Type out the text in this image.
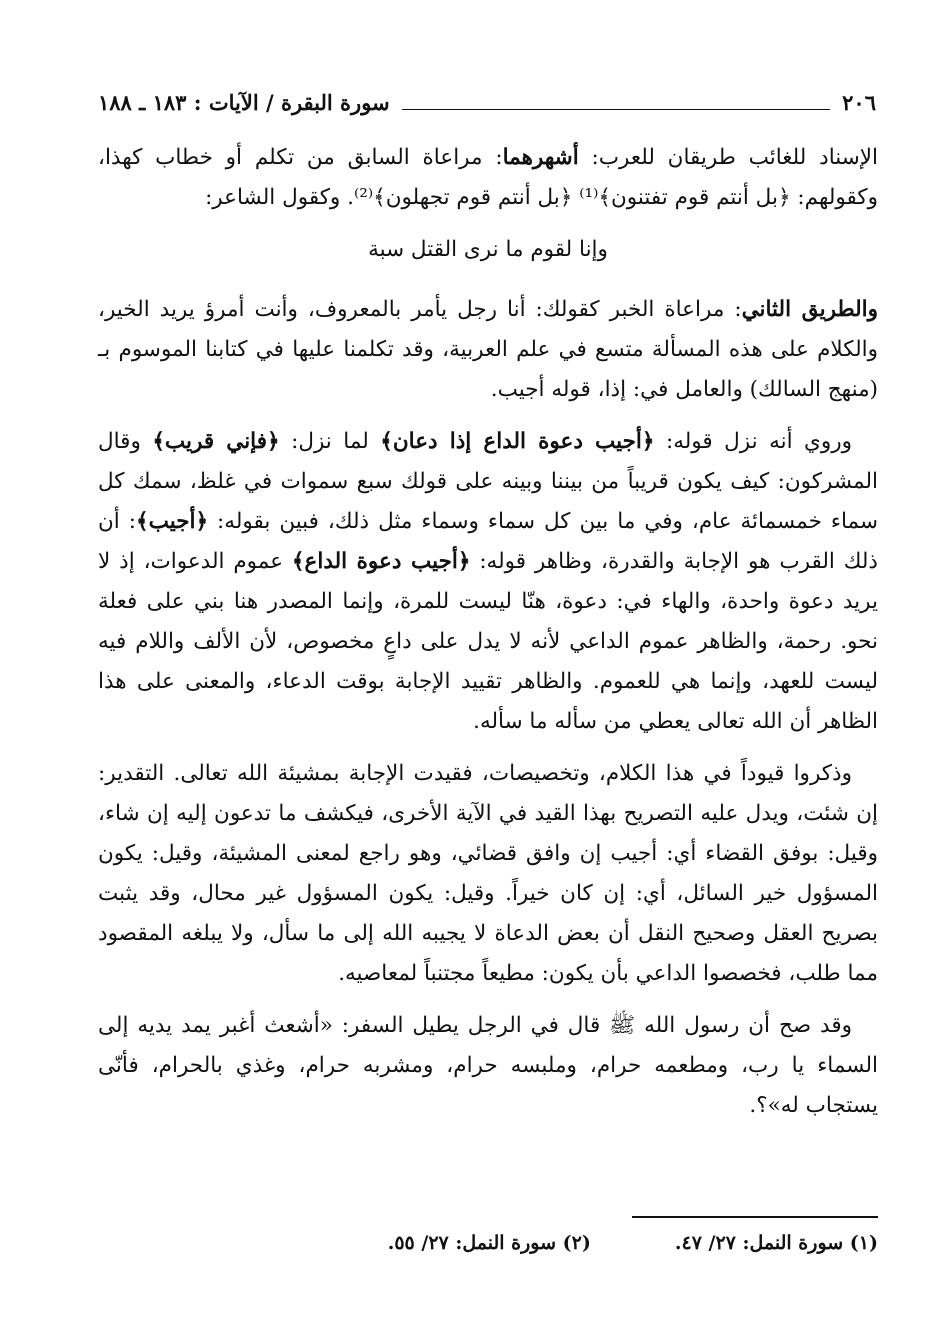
٢٠٦
سورة البقرة / الآيات : ١٨٣ ـ ١٨٨

الإسناد للغائب طريقان للعرب: أشهرهما: مراعاة السابق من تكلم أو خطاب كهذا، وكقولهم: ﴿بل أنتم قوم تفتنون﴾⁽¹⁾ ﴿بل أنتم قوم تجهلون﴾⁽²⁾. وكقول الشاعر:

وإنا لقوم ما نرى القتل سبة

والطريق الثاني: مراعاة الخبر كقولك: أنا رجل يأمر بالمعروف، وأنت أمرؤ يريد الخير، والكلام على هذه المسألة متسع في علم العربية، وقد تكلمنا عليها في كتابنا الموسوم بـ (منهج السالك) والعامل في: إذا، قوله أجيب.

وروي أنه نزل قوله: ﴿أجيب دعوة الداع إذا دعان﴾ لما نزل: ﴿فإني قريب﴾ وقال المشركون: كيف يكون قريباً من بيننا وبينه على قولك سبع سموات في غلظ، سمك كل سماء خمسمائة عام، وفي ما بين كل سماء وسماء مثل ذلك، فبين بقوله: ﴿أجيب﴾: أن ذلك القرب هو الإجابة والقدرة، وظاهر قوله: ﴿أجيب دعوة الداع﴾ عموم الدعوات، إذ لا يريد دعوة واحدة، والهاء في: دعوة، هنّا ليست للمرة، وإنما المصدر هنا بني على فعلة نحو. رحمة، والظاهر عموم الداعي لأنه لا يدل على داعٍ مخصوص، لأن الألف واللام فيه ليست للعهد، وإنما هي للعموم. والظاهر تقييد الإجابة بوقت الدعاء، والمعنى على هذا الظاهر أن الله تعالى يعطي من سأله ما سأله.

وذكروا قيوداً في هذا الكلام، وتخصيصات، فقيدت الإجابة بمشيئة الله تعالى. التقدير: إن شئت، ويدل عليه التصريح بهذا القيد في الآية الأخرى، فيكشف ما تدعون إليه إن شاء، وقيل: بوفق القضاء أي: أجيب إن وافق قضائي، وهو راجع لمعنى المشيئة، وقيل: يكون المسؤول خير السائل، أي: إن كان خيراً. وقيل: يكون المسؤول غير محال، وقد يثبت بصريح العقل وصحيح النقل أن بعض الدعاة لا يجيبه الله إلى ما سأل، ولا يبلغه المقصود مما طلب، فخصصوا الداعي بأن يكون: مطيعاً مجتنباً لمعاصيه.

وقد صح أن رسول الله ﷺ قال في الرجل يطيل السفر: «أشعث أغبر يمد يديه إلى السماء يا رب، ومطعمه حرام، وملبسه حرام، ومشربه حرام، وغذي بالحرام، فأنّى يستجاب له»؟.

(١) سورة النمل: ٢٧/ ٤٧.
(٢) سورة النمل: ٢٧/ ٥٥.
